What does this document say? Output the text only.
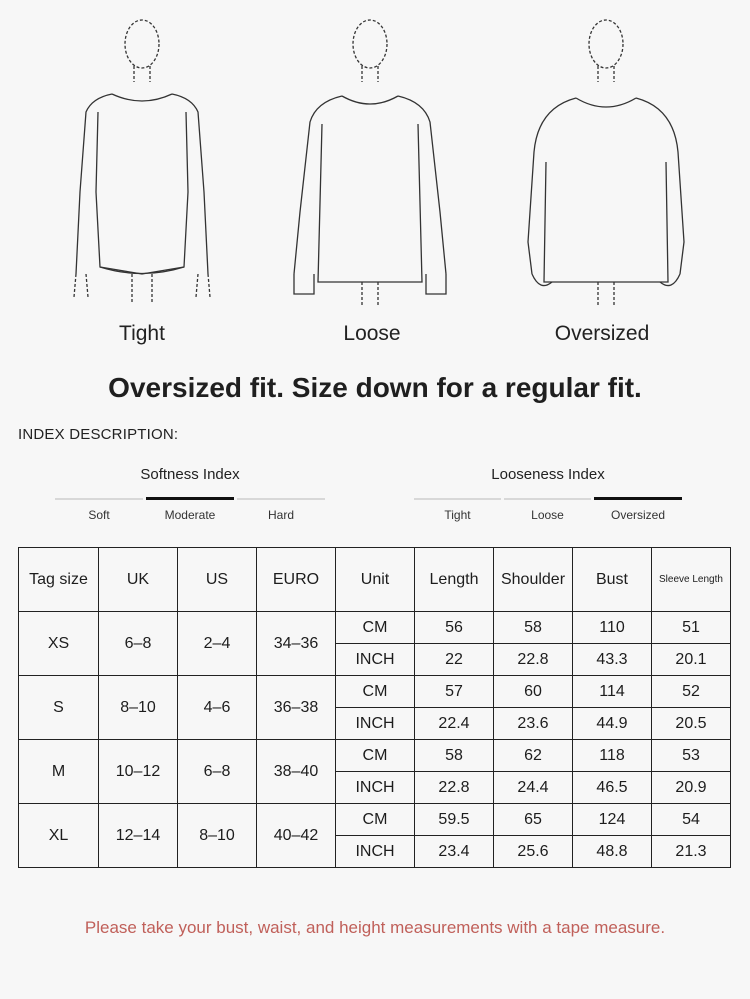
Tight	Loose	Oversized
Oversized fit. Size down for a regular fit.
INDEX DESCRIPTION:
Softness Index
Soft	Moderate	Hard
Looseness Index
Tight	Loose	Oversized
Tag size	UK	US	EURO	Unit	Length	Shoulder	Bust	Sleeve Length
XS	6–8	2–4	34–36	CM	56	58	110	51
				INCH	22	22.8	43.3	20.1
S	8–10	4–6	36–38	CM	57	60	114	52
				INCH	22.4	23.6	44.9	20.5
M	10–12	6–8	38–40	CM	58	62	118	53
				INCH	22.8	24.4	46.5	20.9
XL	12–14	8–10	40–42	CM	59.5	65	124	54
				INCH	23.4	25.6	48.8	21.3
Please take your bust, waist, and height measurements with a tape measure.
